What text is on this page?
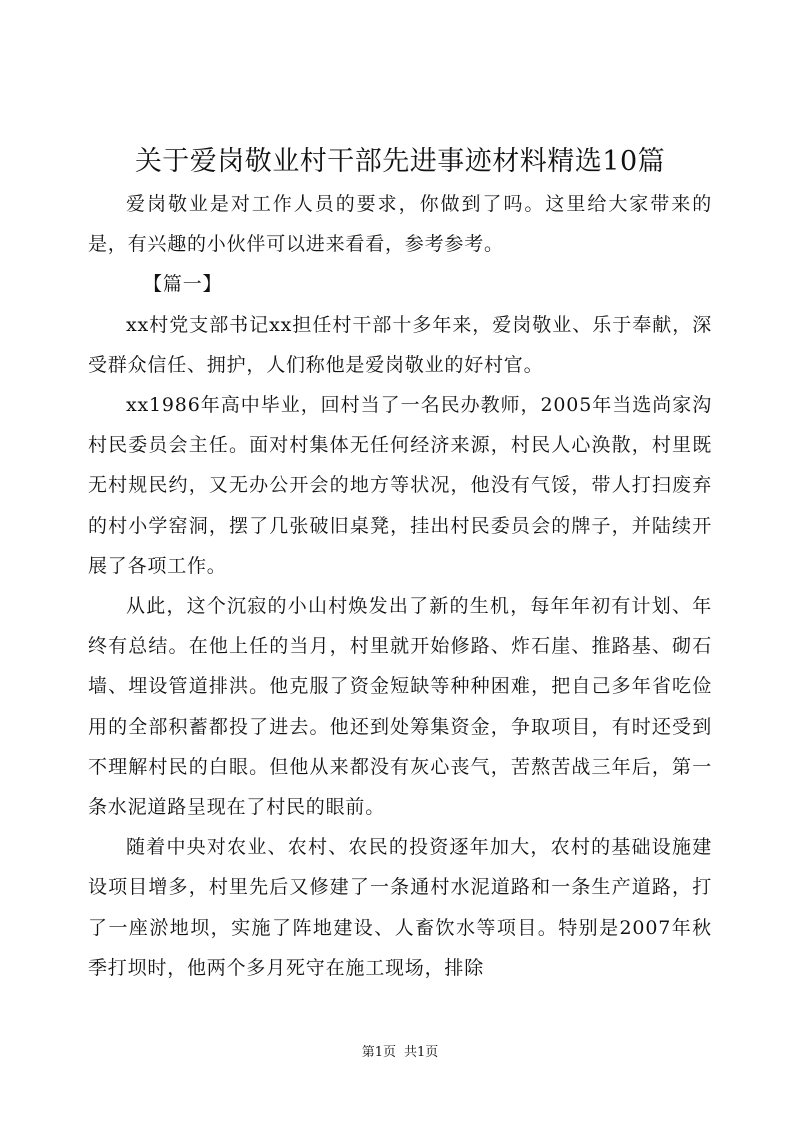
关于爱岗敬业村干部先进事迹材料精选10篇

爱岗敬业是对工作人员的要求，你做到了吗。这里给大家带来的是，有兴趣的小伙伴可以进来看看，参考参考。

【篇一】

xx村党支部书记xx担任村干部十多年来，爱岗敬业、乐于奉献，深受群众信任、拥护，人们称他是爱岗敬业的好村官。

xx1986年高中毕业，回村当了一名民办教师，2005年当选尚家沟村民委员会主任。面对村集体无任何经济来源，村民人心涣散，村里既无村规民约，又无办公开会的地方等状况，他没有气馁，带人打扫废弃的村小学窑洞，摆了几张破旧桌凳，挂出村民委员会的牌子，并陆续开展了各项工作。

从此，这个沉寂的小山村焕发出了新的生机，每年年初有计划、年终有总结。在他上任的当月，村里就开始修路、炸石崖、推路基、砌石墙、埋设管道排洪。他克服了资金短缺等种种困难，把自己多年省吃俭用的全部积蓄都投了进去。他还到处筹集资金，争取项目，有时还受到不理解村民的白眼。但他从来都没有灰心丧气，苦熬苦战三年后，第一条水泥道路呈现在了村民的眼前。

随着中央对农业、农村、农民的投资逐年加大，农村的基础设施建设项目增多，村里先后又修建了一条通村水泥道路和一条生产道路，打了一座淤地坝，实施了阵地建设、人畜饮水等项目。特别是2007年秋季打坝时，他两个多月死守在施工现场，排除

第1页 共1页
